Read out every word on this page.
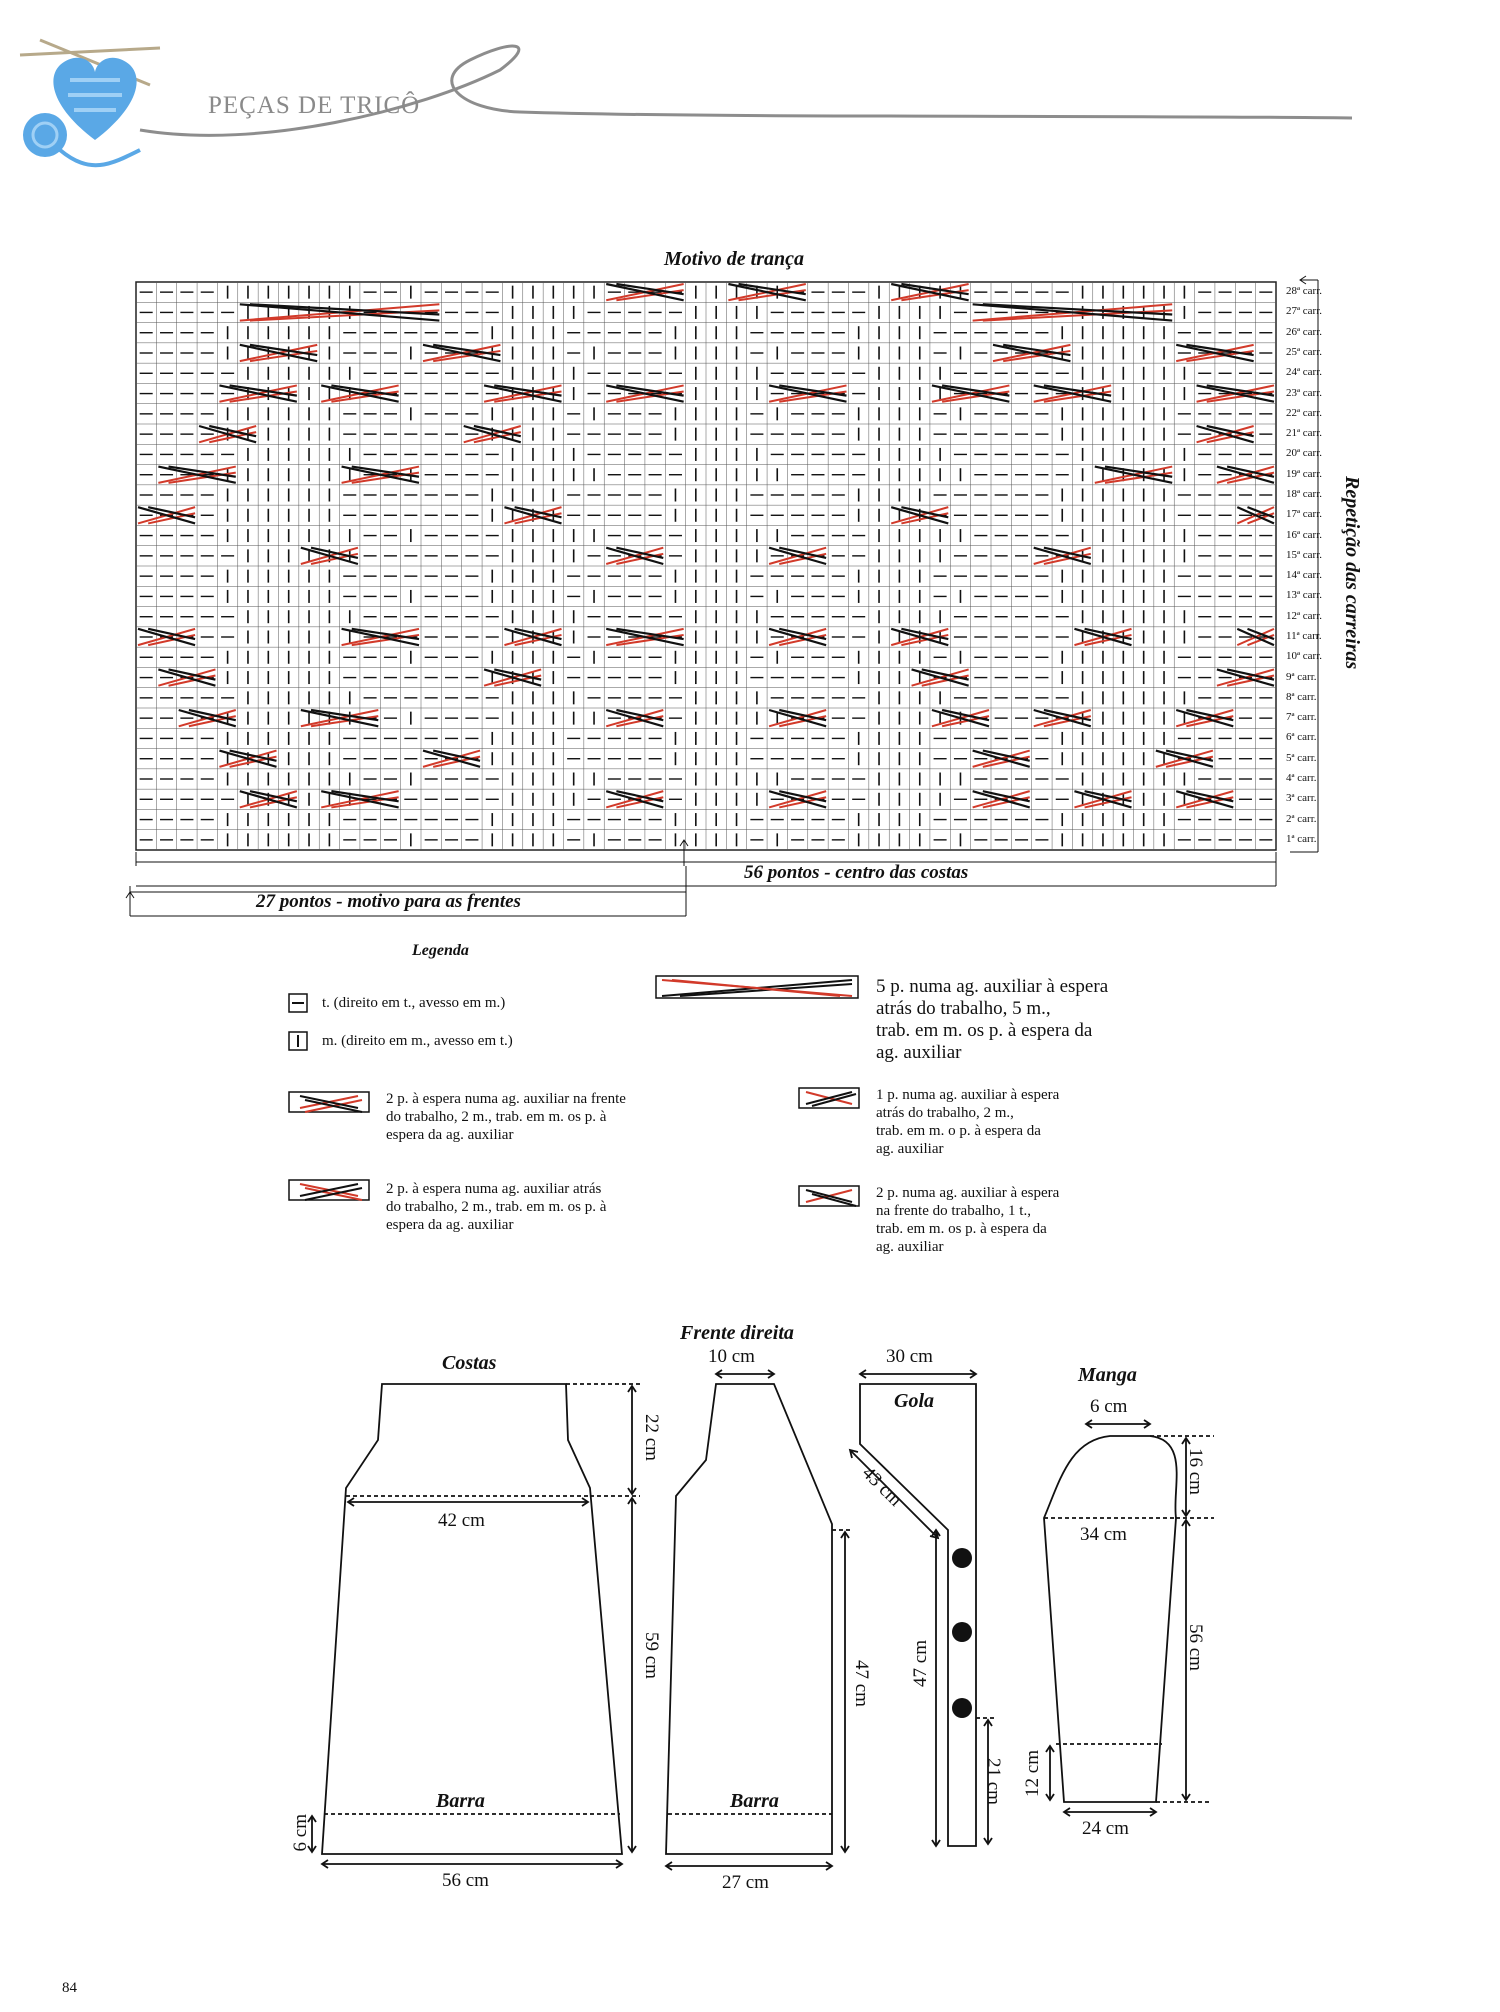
PEÇAS DE TRICÔ
Motivo de trança
28ª carr.
27ª carr.
26ª carr.
25ª carr.
24ª carr.
23ª carr.
22ª carr.
21ª carr.
20ª carr.
19ª carr.
18ª carr.
17ª carr.
16ª carr.
15ª carr.
14ª carr.
13ª carr.
12ª carr.
11ª carr.
10ª carr.
9ª carr.
8ª carr.
7ª carr.
6ª carr.
5ª carr.
4ª carr.
3ª carr.
2ª carr.
1ª carr.
Repetição das carreiras
56 pontos - centro das costas
27 pontos - motivo para as frentes
Legenda
t. (direito em t., avesso em m.)
m. (direito em m., avesso em t.)
2 p. à espera numa ag. auxiliar na frente
do trabalho, 2 m., trab. em m. os p. à
espera da ag. auxiliar
2 p. à espera numa ag. auxiliar atrás
do trabalho, 2 m., trab. em m. os p. à
espera da ag. auxiliar
5 p. numa ag. auxiliar à espera
atrás do trabalho, 5 m.,
trab. em m. os p. à espera da
ag. auxiliar
1 p. numa ag. auxiliar à espera
atrás do trabalho, 2 m.,
trab. em m. o p. à espera da
ag. auxiliar
2 p. numa ag. auxiliar à espera
na frente do trabalho, 1 t.,
trab. em m. os p. à espera da
ag. auxiliar
Costas
Barra
22 cm
42 cm
59 cm
6 cm
56 cm
Frente direita
10 cm
Barra
47 cm
27 cm
30 cm
Gola
43 cm
47 cm
21 cm
Manga
6 cm
16 cm
34 cm
56 cm
12 cm
24 cm
84
